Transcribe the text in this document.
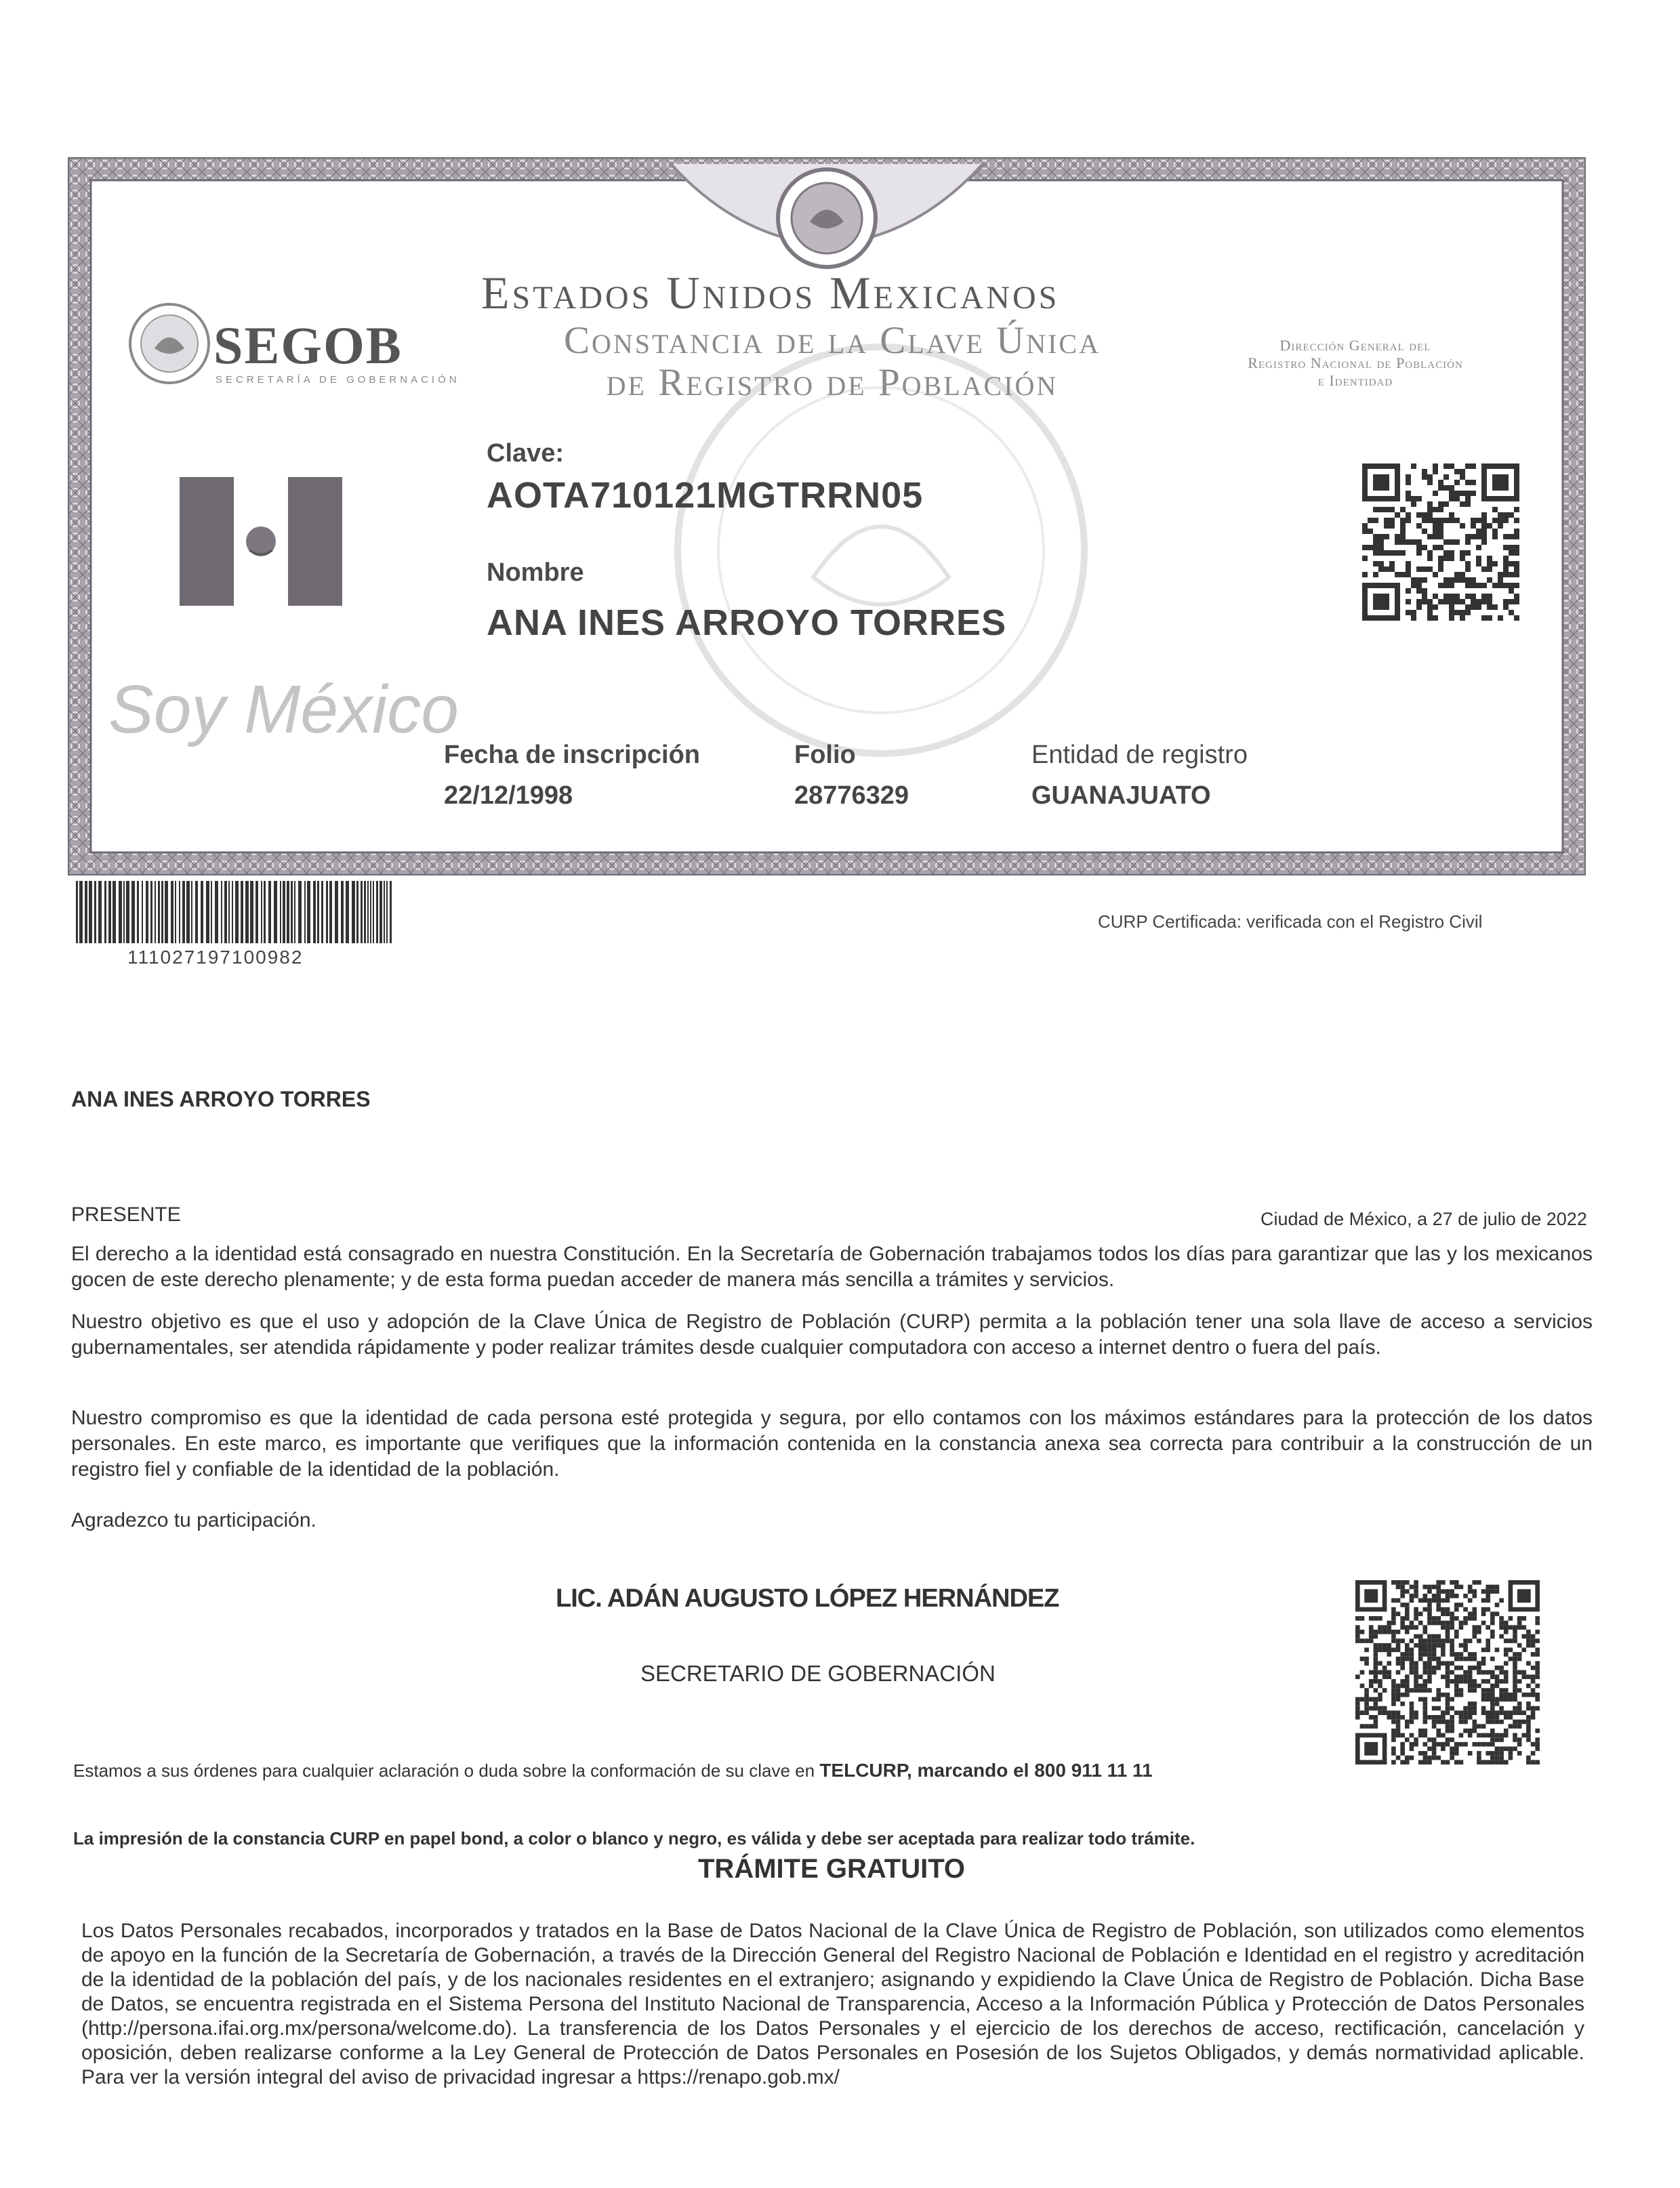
Estados Unidos Mexicanos
Constancia de la Clave Única
de Registro de Población
SEGOB
SECRETARÍA DE GOBERNACIÓN
Dirección General del
Registro Nacional de Población
e Identidad
Clave:
AOTA710121MGTRRN05
Nombre
ANA INES ARROYO TORRES
Soy México
Fecha de inscripción
22/12/1998
Folio
28776329
Entidad de registro
GUANAJUATO
111027197100982
CURP Certificada: verificada con el Registro Civil
ANA INES ARROYO TORRES
PRESENTE	Ciudad de México, a 27 de julio de 2022
El derecho a la identidad está consagrado en nuestra Constitución. En la Secretaría de Gobernación trabajamos todos los días para garantizar que las y los mexicanos gocen de este derecho plenamente; y de esta forma puedan acceder de manera más sencilla a trámites y servicios.
Nuestro objetivo es que el uso y adopción de la Clave Única de Registro de Población (CURP) permita a la población tener una sola llave de acceso a servicios gubernamentales, ser atendida rápidamente y poder realizar trámites desde cualquier computadora con acceso a internet dentro o fuera del país.
Nuestro compromiso es que la identidad de cada persona esté protegida y segura, por ello contamos con los máximos estándares para la protección de los datos personales. En este marco, es importante que verifiques que la información contenida en la constancia anexa sea correcta para contribuir a la construcción de un registro fiel y confiable de la identidad de la población.
Agradezco tu participación.
LIC. ADÁN AUGUSTO LÓPEZ HERNÁNDEZ
SECRETARIO DE GOBERNACIÓN
Estamos a sus órdenes para cualquier aclaración o duda sobre la conformación de su clave en TELCURP, marcando el 800 911 11 11
La impresión de la constancia CURP en papel bond, a color o blanco y negro, es válida y debe ser aceptada para realizar todo trámite.
TRÁMITE GRATUITO
Los Datos Personales recabados, incorporados y tratados en la Base de Datos Nacional de la Clave Única de Registro de Población, son utilizados como elementos de apoyo en la función de la Secretaría de Gobernación, a través de la Dirección General del Registro Nacional de Población e Identidad en el registro y acreditación de la identidad de la población del país, y de los nacionales residentes en el extranjero; asignando y expidiendo la Clave Única de Registro de Población. Dicha Base de Datos, se encuentra registrada en el Sistema Persona del Instituto Nacional de Transparencia, Acceso a la Información Pública y Protección de Datos Personales (http://persona.ifai.org.mx/persona/welcome.do). La transferencia de los Datos Personales y el ejercicio de los derechos de acceso, rectificación, cancelación y oposición, deben realizarse conforme a la Ley General de Protección de Datos Personales en Posesión de los Sujetos Obligados, y demás normatividad aplicable. Para ver la versión integral del aviso de privacidad ingresar a https://renapo.gob.mx/
